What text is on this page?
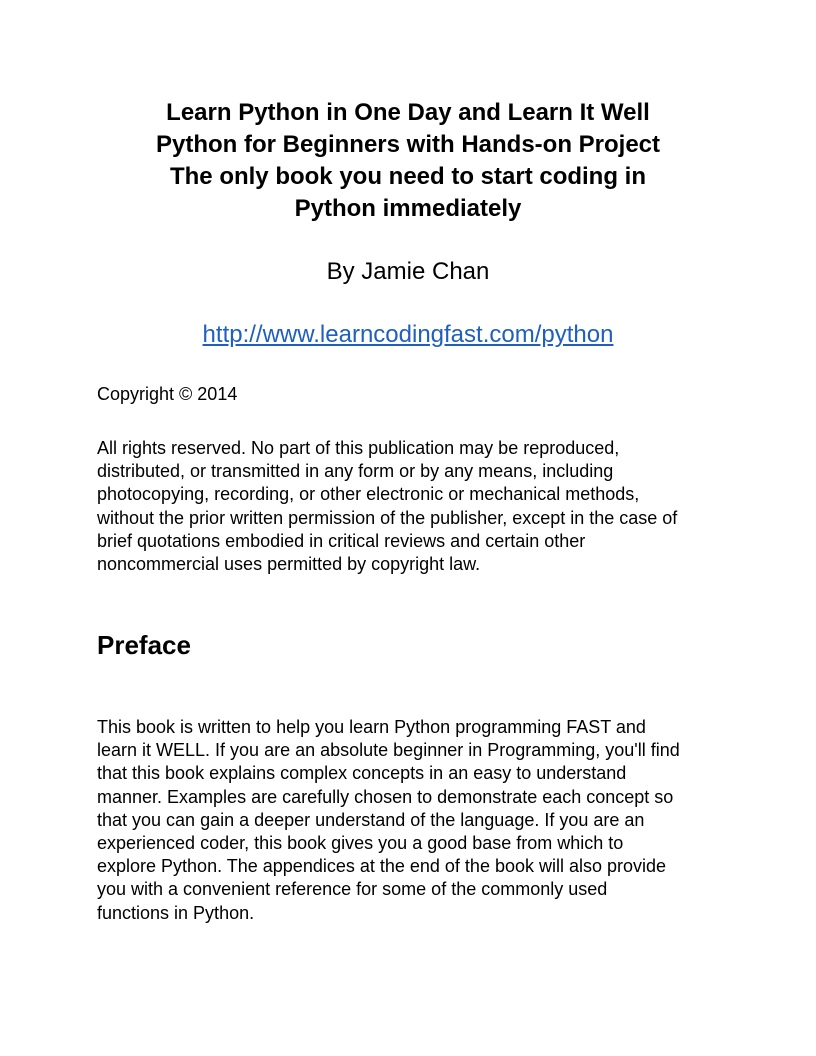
Learn Python in One Day and Learn It Well
Python for Beginners with Hands-on Project
The only book you need to start coding in
Python immediately
By Jamie Chan
http://www.learncodingfast.com/python
Copyright © 2014
All rights reserved. No part of this publication may be reproduced,
distributed, or transmitted in any form or by any means, including
photocopying, recording, or other electronic or mechanical methods,
without the prior written permission of the publisher, except in the case of
brief quotations embodied in critical reviews and certain other
noncommercial uses permitted by copyright law.
Preface
This book is written to help you learn Python programming FAST and
learn it WELL. If you are an absolute beginner in Programming, you'll find
that this book explains complex concepts in an easy to understand
manner. Examples are carefully chosen to demonstrate each concept so
that you can gain a deeper understand of the language. If you are an
experienced coder, this book gives you a good base from which to
explore Python. The appendices at the end of the book will also provide
you with a convenient reference for some of the commonly used
functions in Python.
